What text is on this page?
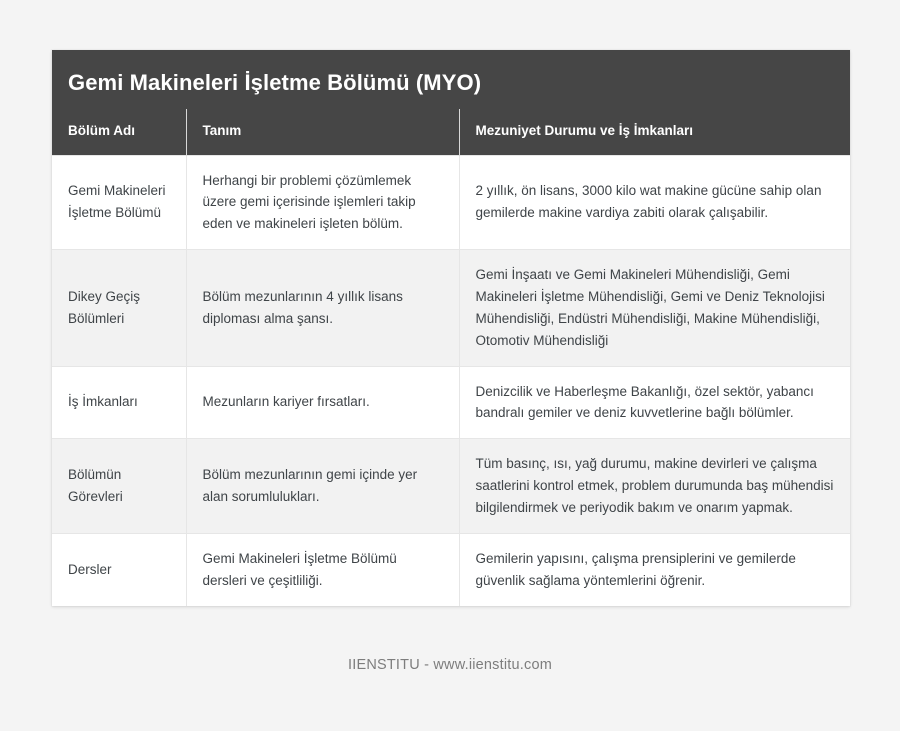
Gemi Makineleri İşletme Bölümü (MYO)
Bölüm Adı	Tanım	Mezuniyet Durumu ve İş İmkanları
Gemi Makineleri İşletme Bölümü	Herhangi bir problemi çözümlemek üzere gemi içerisinde işlemleri takip eden ve makineleri işleten bölüm.	2 yıllık, ön lisans, 3000 kilo wat makine gücüne sahip olan gemilerde makine vardiya zabiti olarak çalışabilir.
Dikey Geçiş Bölümleri	Bölüm mezunlarının 4 yıllık lisans diploması alma şansı.	Gemi İnşaatı ve Gemi Makineleri Mühendisliği, Gemi Makineleri İşletme Mühendisliği, Gemi ve Deniz Teknolojisi Mühendisliği, Endüstri Mühendisliği, Makine Mühendisliği, Otomotiv Mühendisliği
İş İmkanları	Mezunların kariyer fırsatları.	Denizcilik ve Haberleşme Bakanlığı, özel sektör, yabancı bandralı gemiler ve deniz kuvvetlerine bağlı bölümler.
Bölümün Görevleri	Bölüm mezunlarının gemi içinde yer alan sorumlulukları.	Tüm basınç, ısı, yağ durumu, makine devirleri ve çalışma saatlerini kontrol etmek, problem durumunda baş mühendisi bilgilendirmek ve periyodik bakım ve onarım yapmak.
Dersler	Gemi Makineleri İşletme Bölümü dersleri ve çeşitliliği.	Gemilerin yapısını, çalışma prensiplerini ve gemilerde güvenlik sağlama yöntemlerini öğrenir.
IIENSTITU - www.iienstitu.com
